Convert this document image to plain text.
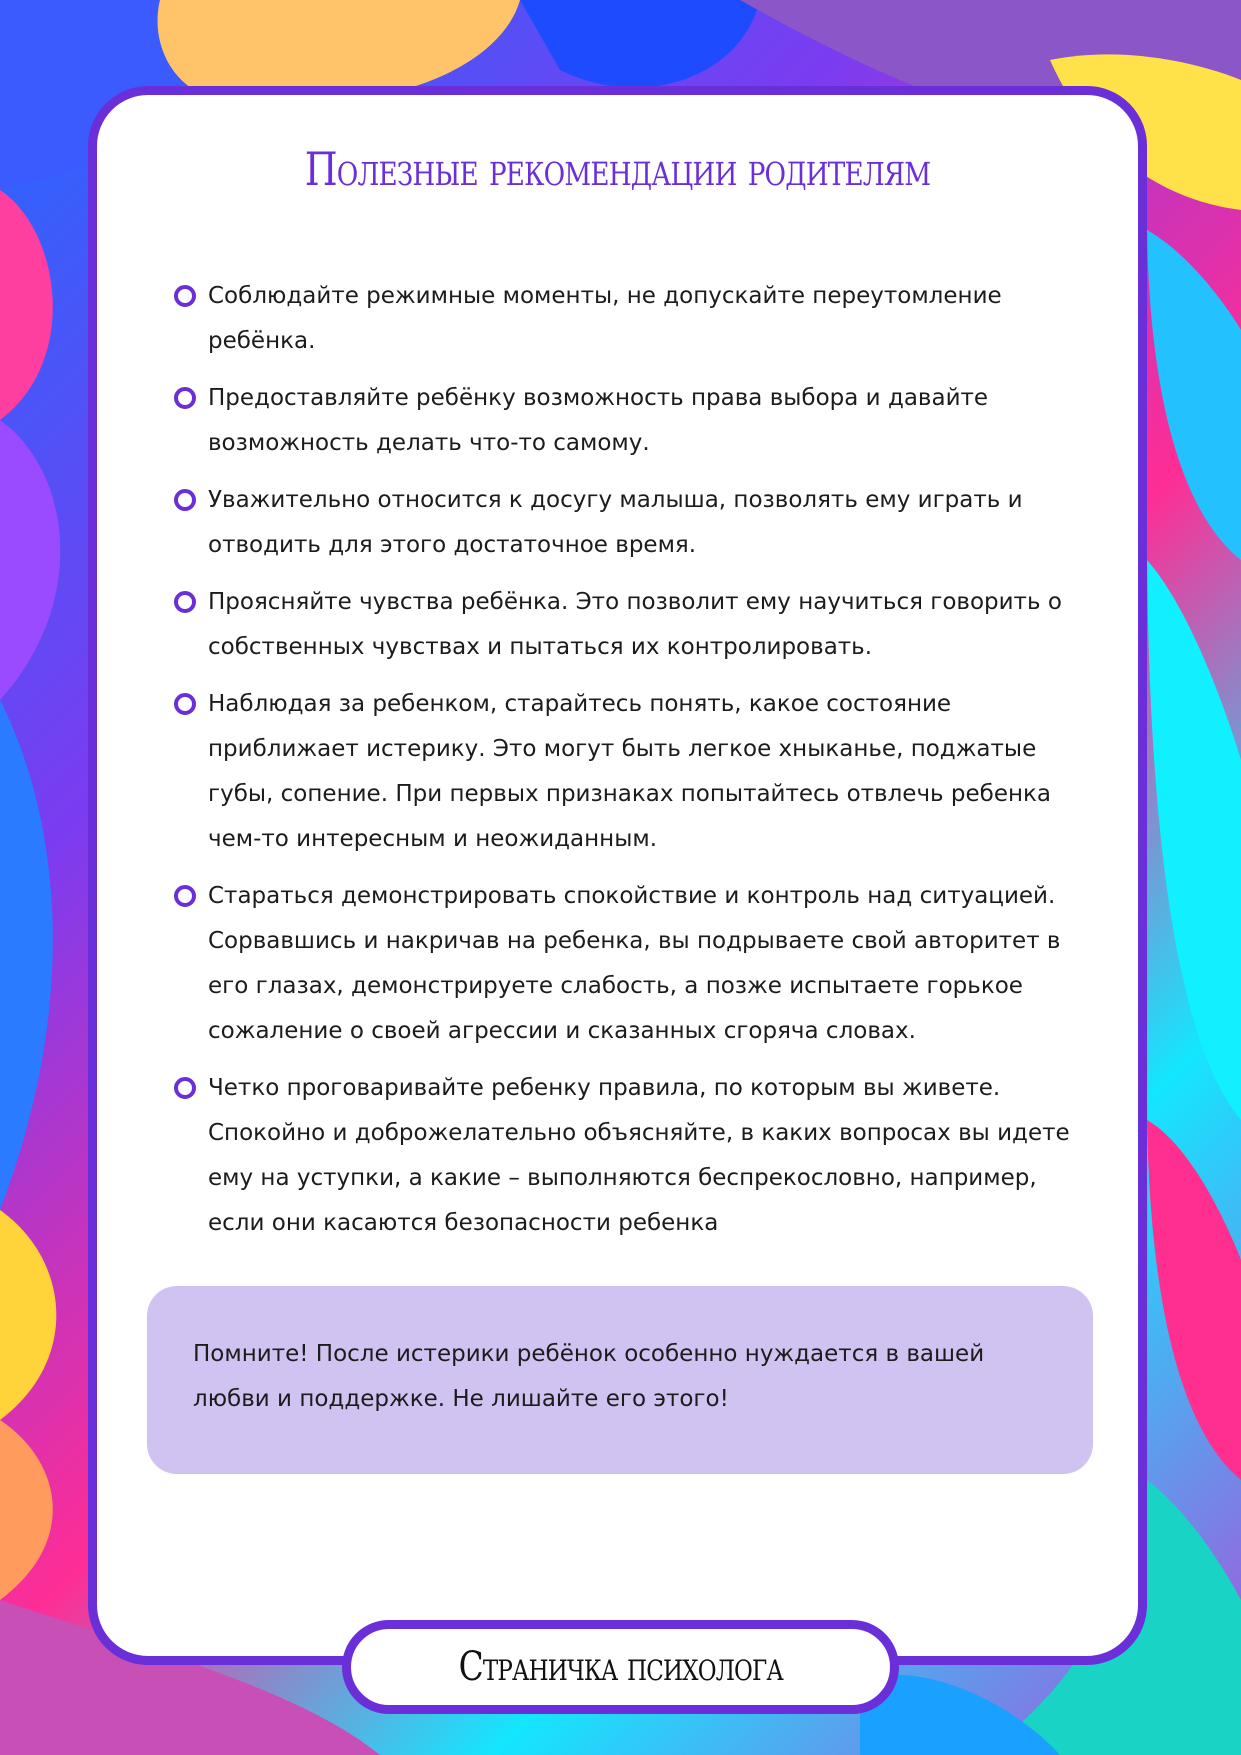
Полезные рекомендации родителям
Соблюдайте режимные моменты, не допускайте переутомление ребёнка.
Предоставляйте ребёнку возможность права выбора и давайте возможность делать что-то самому.
Уважительно относится к досугу малыша, позволять ему играть и отводить для этого достаточное время.
Проясняйте чувства ребёнка. Это позволит ему научиться говорить о собственных чувствах и пытаться их контролировать.
Наблюдая за ребенком, старайтесь понять, какое состояние приближает истерику. Это могут быть легкое хныканье, поджатые губы, сопение. При первых признаках попытайтесь отвлечь ребенка чем-то интересным и неожиданным.
Стараться демонстрировать спокойствие и контроль над ситуацией. Сорвавшись и накричав на ребенка, вы подрываете свой авторитет в его глазах, демонстрируете слабость, а позже испытаете горькое сожаление о своей агрессии и сказанных сгоряча словах.
Четко проговаривайте ребенку правила, по которым вы живете. Спокойно и доброжелательно объясняйте, в каких вопросах вы идете ему на уступки, а какие – выполняются беспрекословно, например, если они касаются безопасности ребенка

Помните! После истерики ребёнок особенно нуждается в вашей любви и поддержке. Не лишайте его этого!

Страничка психолога
